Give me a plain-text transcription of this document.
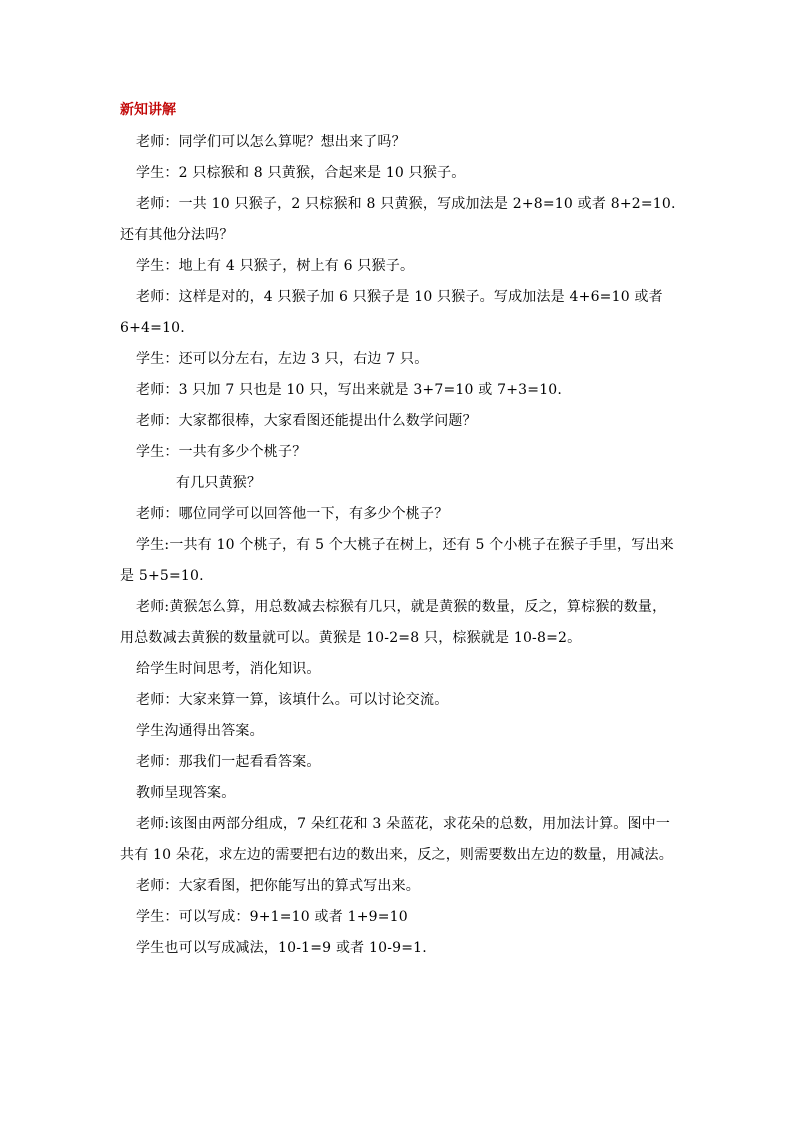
新知讲解

老师：同学们可以怎么算呢？想出来了吗？

学生：2 只棕猴和 8 只黄猴，合起来是 10 只猴子。

老师：一共 10 只猴子，2 只棕猴和 8 只黄猴，写成加法是 2+8=10 或者 8+2=10.还有其他分法吗？

学生：地上有 4 只猴子，树上有 6 只猴子。

老师：这样是对的，4 只猴子加 6 只猴子是 10 只猴子。写成加法是 4+6=10 或者 6+4=10.

学生：还可以分左右，左边 3 只，右边 7 只。

老师：3 只加 7 只也是 10 只，写出来就是 3+7=10 或 7+3=10.

老师：大家都很棒，大家看图还能提出什么数学问题？

学生：一共有多少个桃子？

有几只黄猴？

老师：哪位同学可以回答他一下，有多少个桃子？

学生:一共有 10 个桃子，有 5 个大桃子在树上，还有 5 个小桃子在猴子手里，写出来是 5+5=10.

老师:黄猴怎么算，用总数减去棕猴有几只，就是黄猴的数量，反之，算棕猴的数量，用总数减去黄猴的数量就可以。黄猴是 10-2=8 只，棕猴就是 10-8=2。

给学生时间思考，消化知识。

老师：大家来算一算，该填什么。可以讨论交流。

学生沟通得出答案。

老师：那我们一起看看答案。

教师呈现答案。

老师:该图由两部分组成，7 朵红花和 3 朵蓝花，求花朵的总数，用加法计算。图中一共有 10 朵花，求左边的需要把右边的数出来，反之，则需要数出左边的数量，用减法。

老师：大家看图，把你能写出的算式写出来。

学生：可以写成：9+1=10 或者 1+9=10

学生也可以写成减法，10-1=9 或者 10-9=1.
